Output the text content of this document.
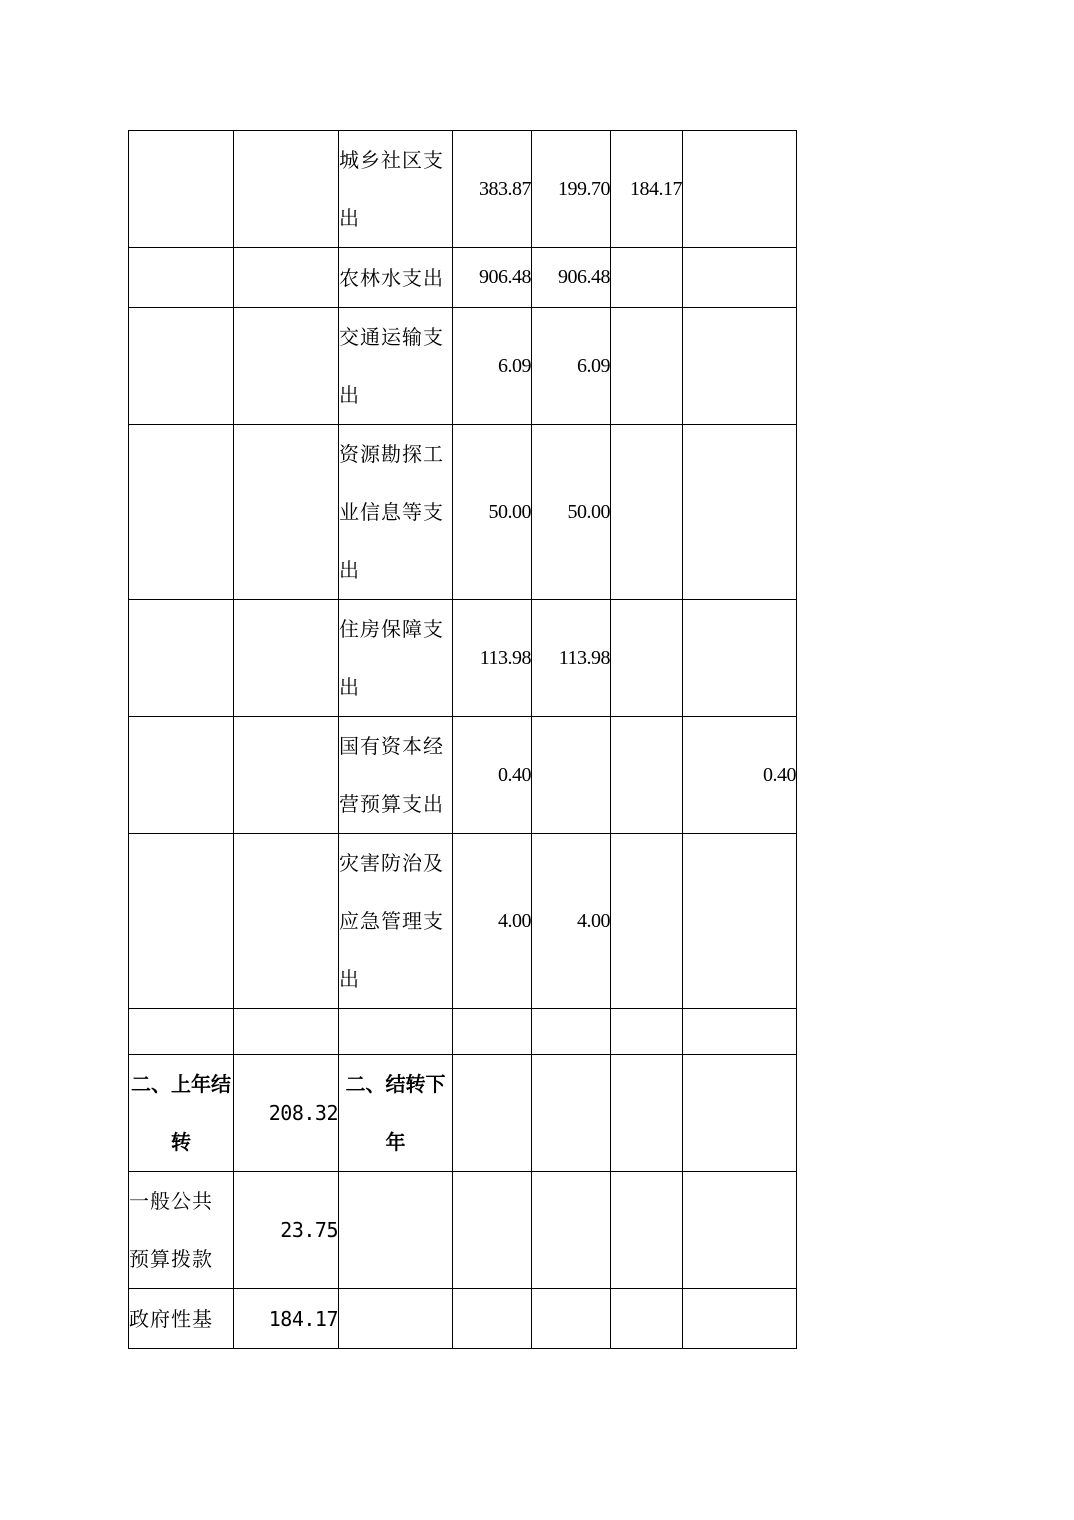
		城乡社区支出	383.87	199.70	184.17	
		农林水支出	906.48	906.48		
		交通运输支出	6.09	6.09		
		资源勘探工业信息等支出	50.00	50.00		
		住房保障支出	113.98	113.98		
		国有资本经营预算支出	0.40			0.40
		灾害防治及应急管理支出	4.00	4.00		

二、上年结转	208.32	二、结转下年				
一般公共预算拨款	23.75					
政府性基	184.17					
